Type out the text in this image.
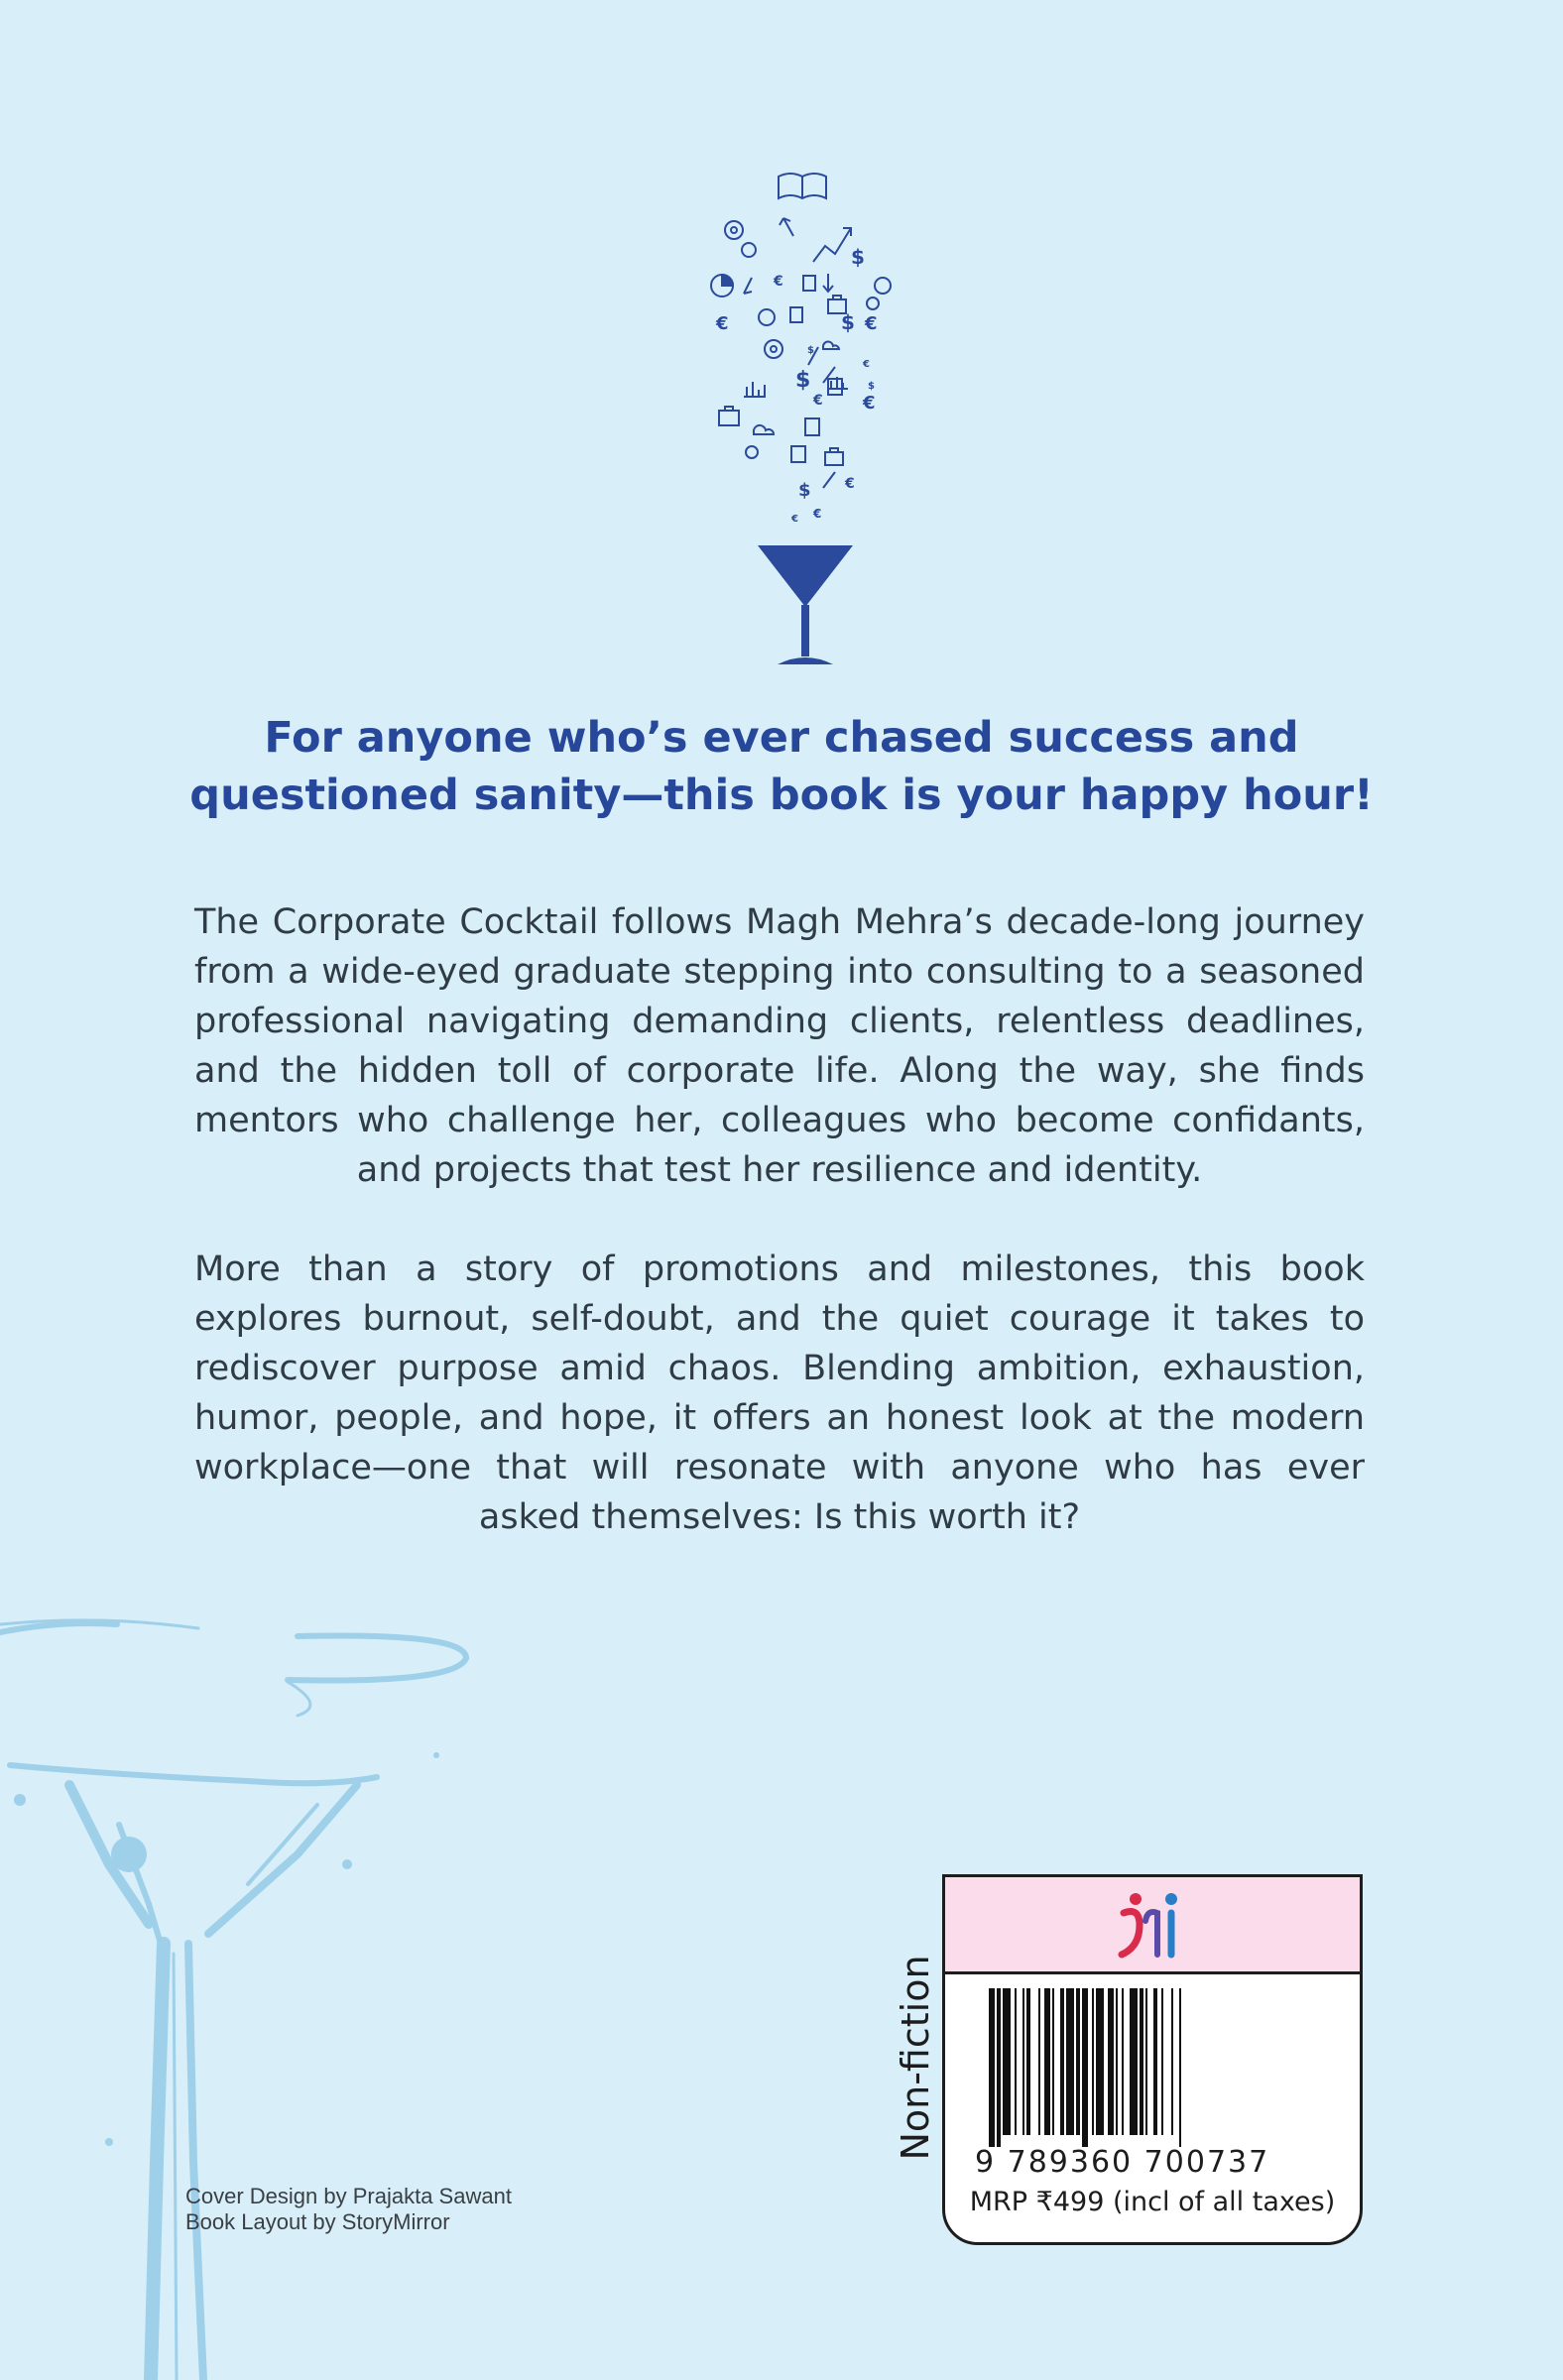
$
$
$
$
€
€	€
€
€
€
€
$
€
€
$
For anyone who’s ever chased success and
questioned sanity—this book is your happy hour!
The Corporate Cocktail follows Magh Mehra’s decade-long journey from a wide-eyed graduate stepping into consulting to a seasoned professional navigating demanding clients, relentless deadlines, and the hidden toll of corporate life. Along the way, she finds mentors who challenge her, colleagues who become confidants, and projects that test her resilience and identity.
More than a story of promotions and milestones, this book explores burnout, self-doubt, and the quiet courage it takes to rediscover purpose amid chaos. Blending ambition, exhaustion, humor, people, and hope, it offers an honest look at the modern workplace—one that will resonate with anyone who has ever asked themselves: Is this worth it?
Cover Design by Prajakta Sawant
Book Layout by StoryMirror
Non-fiction
9 789360 700737
MRP ₹499 (incl of all taxes)
